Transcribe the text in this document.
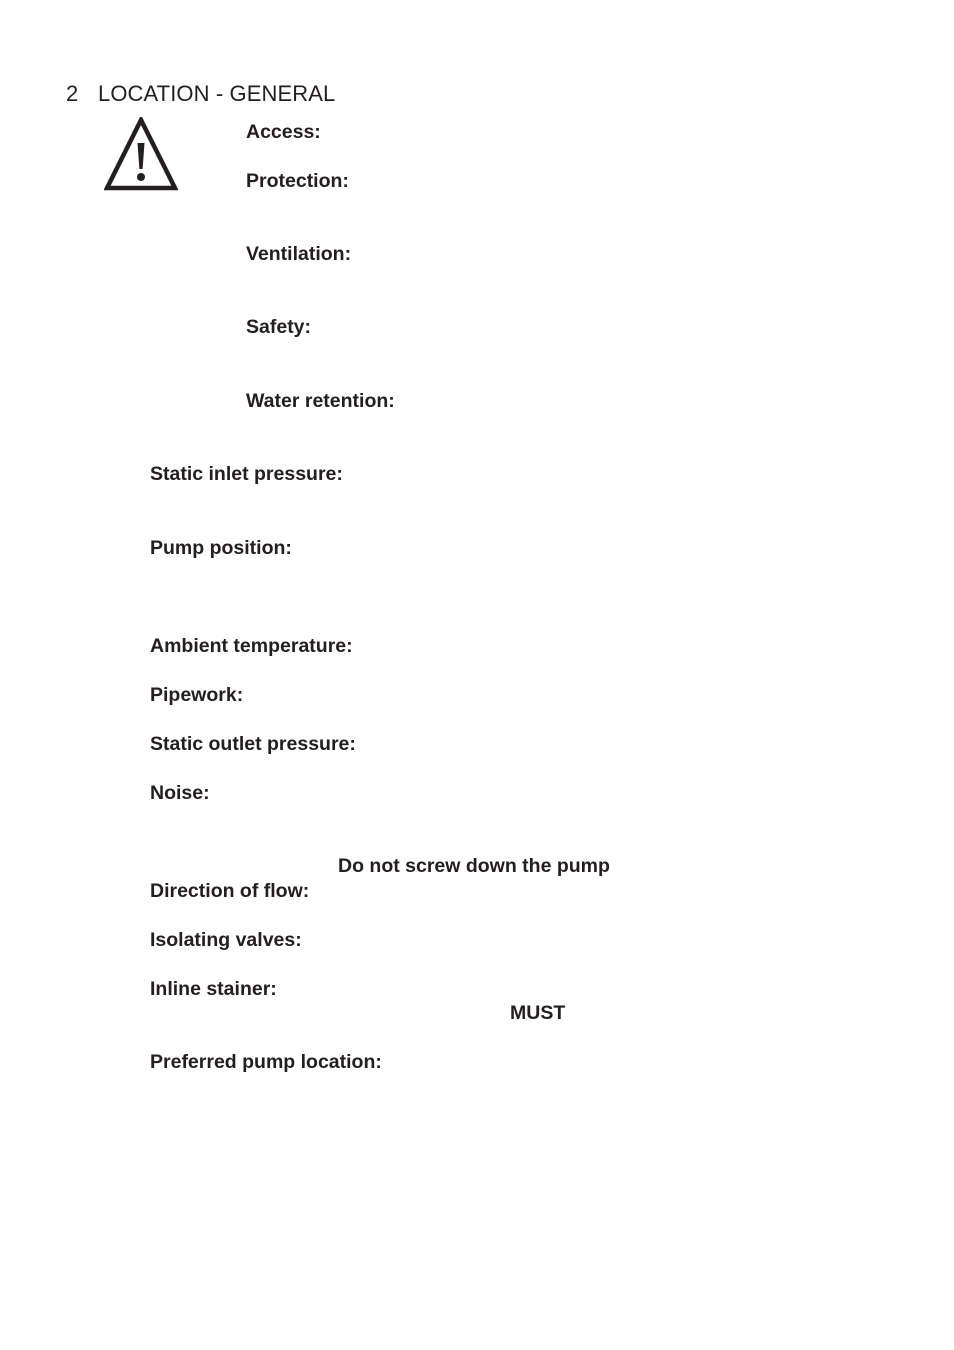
2 LOCATION - GENERAL
Access:
Protection:
Ventilation:
Safety:
Water retention:
Static inlet pressure:
Pump position:
Ambient temperature:
Pipework:
Static outlet pressure:
Noise:
Do not screw down the pump
Direction of flow:
Isolating valves:
Inline stainer:
MUST
Preferred pump location:
